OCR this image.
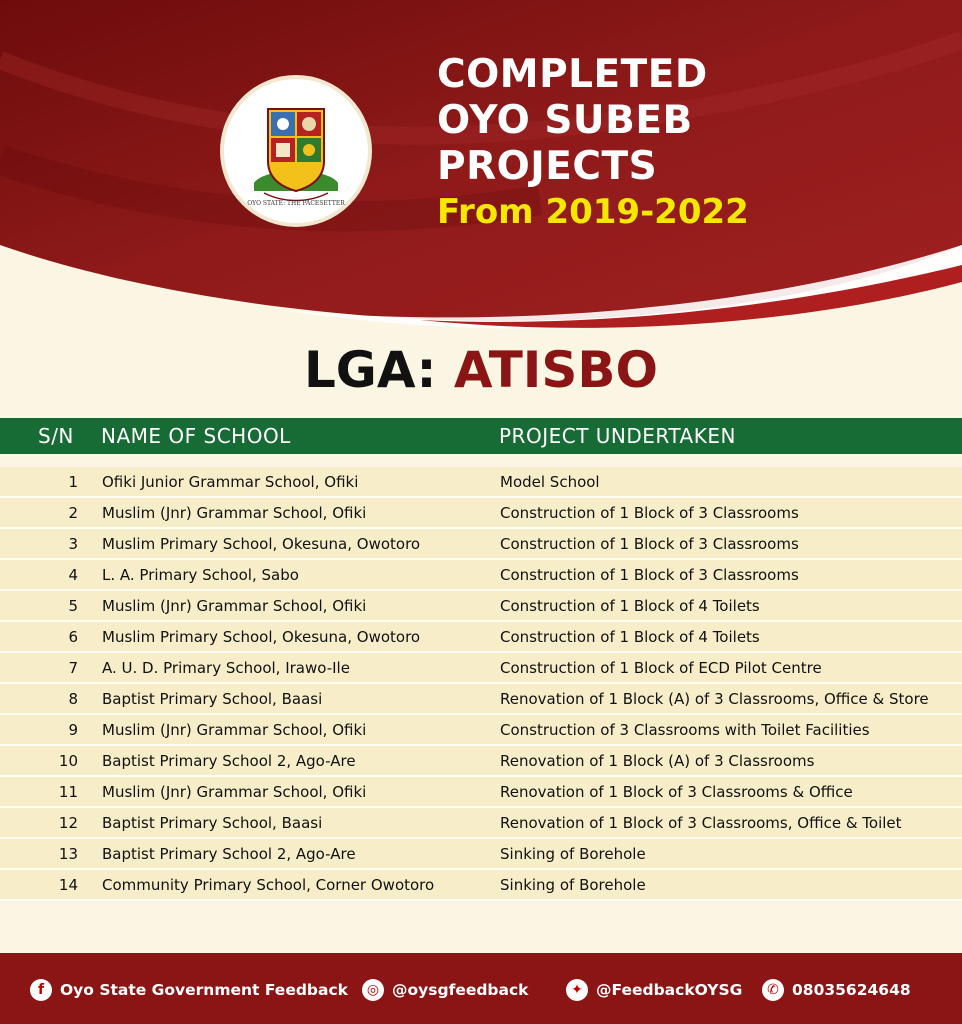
OYO STATE: THE PACESETTER
COMPLETED
OYO SUBEB
PROJECTS
From 2019-2022
LGA: ATISBO
S/N NAME OF SCHOOL	PROJECT UNDERTAKEN
1 Ofiki Junior Grammar School, Ofiki	Model School
2 Muslim (Jnr) Grammar School, Ofiki	Construction of 1 Block of 3 Classrooms
3 Muslim Primary School, Okesuna, Owotoro	Construction of 1 Block of 3 Classrooms
4 L. A. Primary School, Sabo	Construction of 1 Block of 3 Classrooms
5 Muslim (Jnr) Grammar School, Ofiki	Construction of 1 Block of 4 Toilets
6 Muslim Primary School, Okesuna, Owotoro	Construction of 1 Block of 4 Toilets
7 A. U. D. Primary School, Irawo-Ile	Construction of 1 Block of ECD Pilot Centre
8 Baptist Primary School, Baasi	Renovation of 1 Block (A) of 3 Classrooms, Office & Store
9 Muslim (Jnr) Grammar School, Ofiki	Construction of 3 Classrooms with Toilet Facilities
10 Baptist Primary School 2, Ago-Are	Renovation of 1 Block (A) of 3 Classrooms
11 Muslim (Jnr) Grammar School, Ofiki	Renovation of 1 Block of 3 Classrooms & Office
12 Baptist Primary School, Baasi	Renovation of 1 Block of 3 Classrooms, Office & Toilet
13 Baptist Primary School 2, Ago-Are	Sinking of Borehole
14 Community Primary School, Corner Owotoro	Sinking of Borehole
f	Oyo State Government Feedback	◎ @oysgfeedback	✦ @FeedbackOYSG	✆ 08035624648
